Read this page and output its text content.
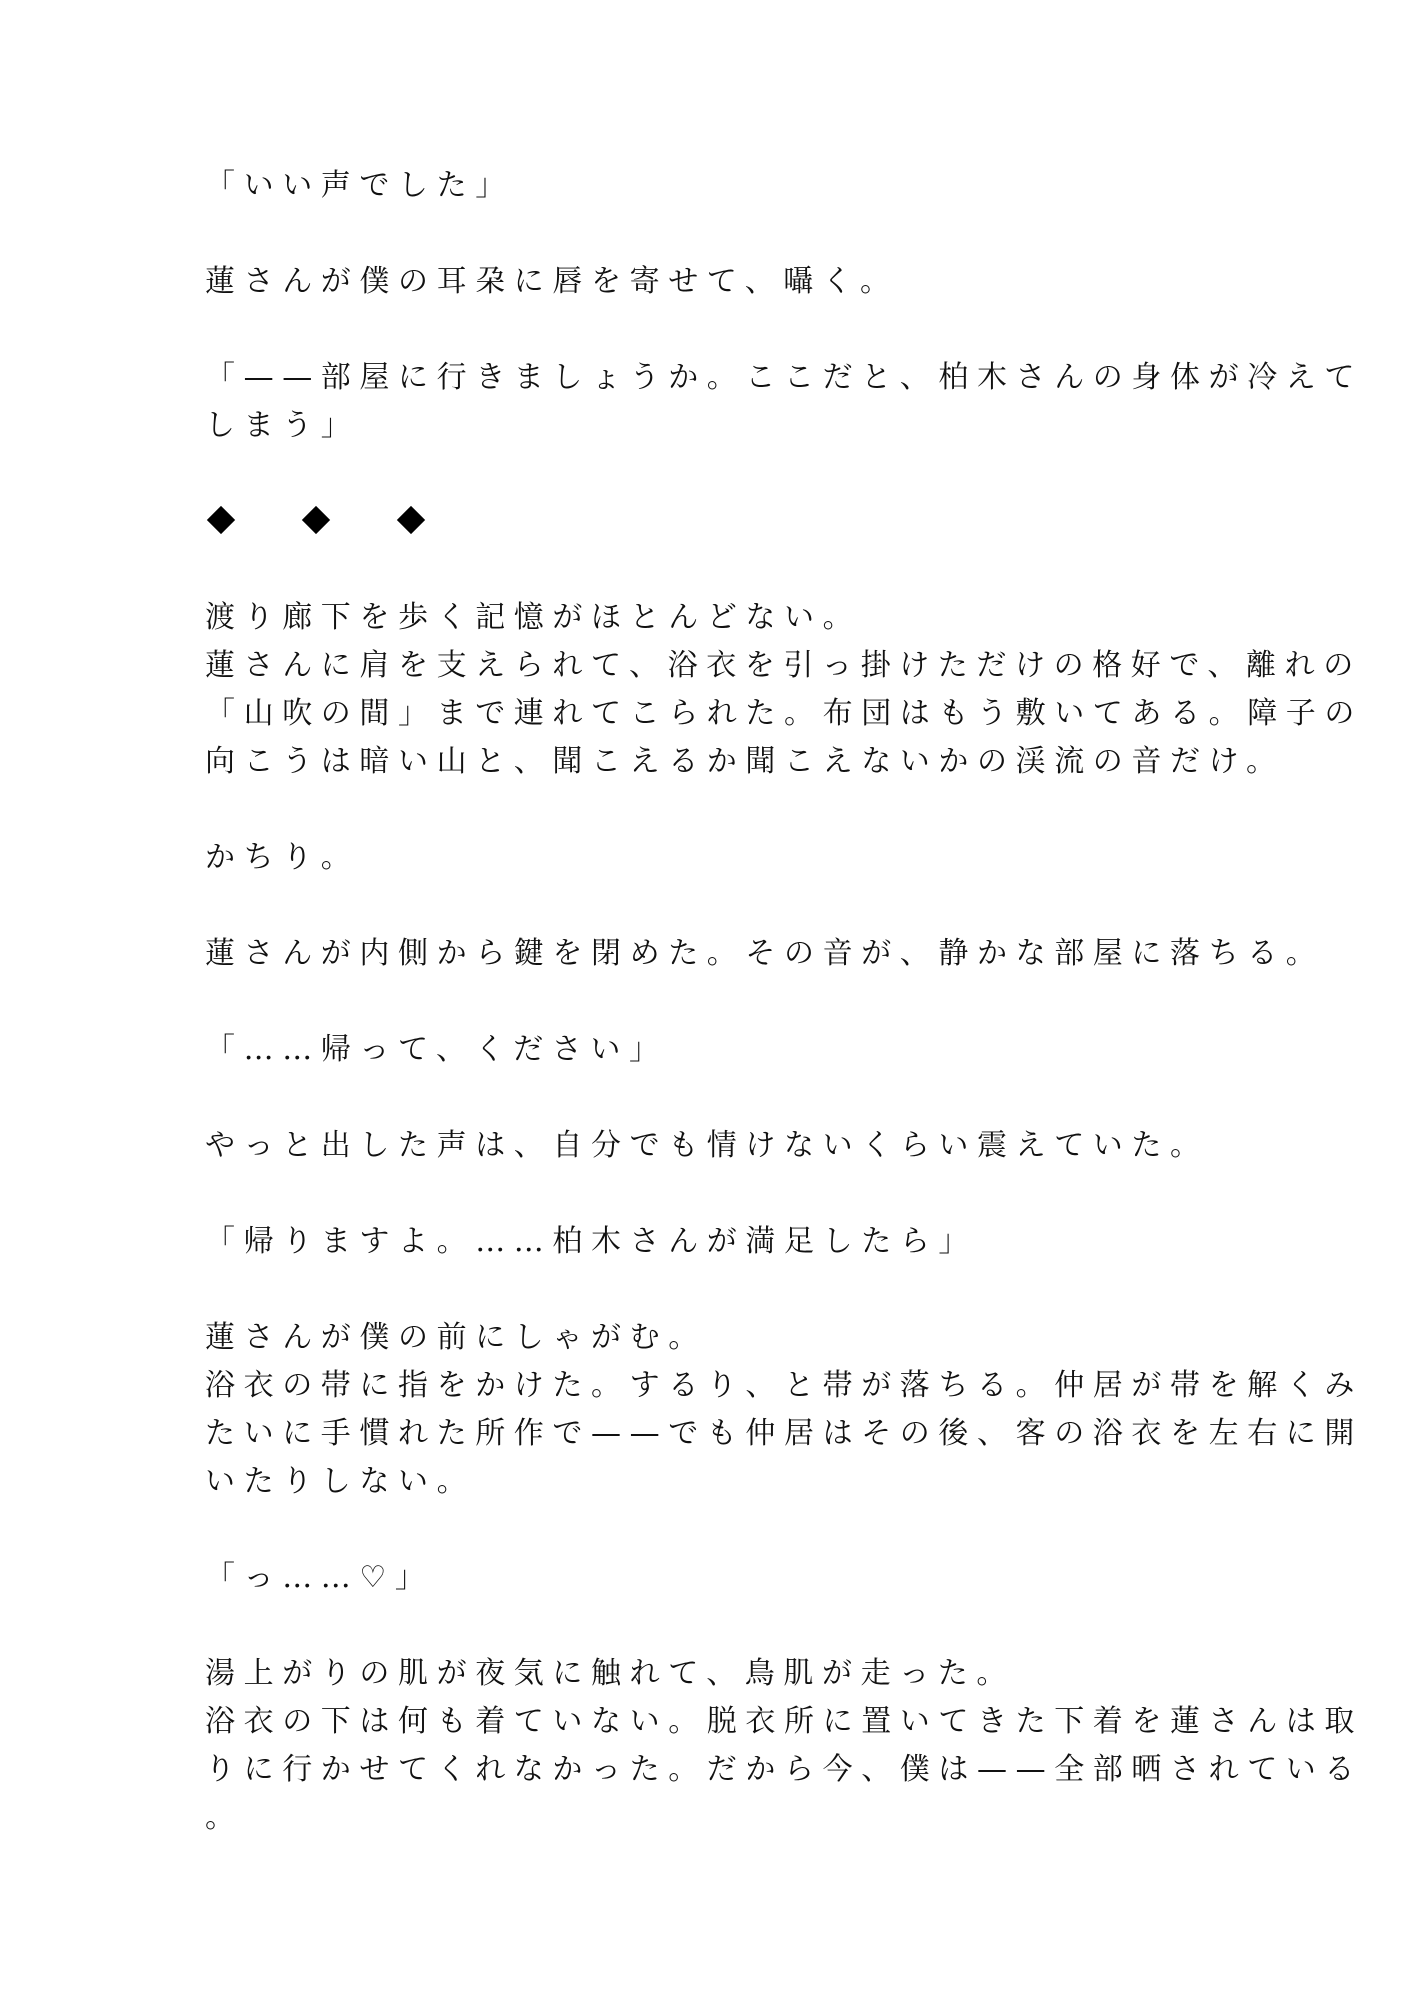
「いい声でした」

蓮さんが僕の耳朶に唇を寄せて、囁く。

「——部屋に行きましょうか。ここだと、柏木さんの身体が冷えて
しまう」

渡り廊下を歩く記憶がほとんどない。
蓮さんに肩を支えられて、浴衣を引っ掛けただけの格好で、離れの
「山吹の間」まで連れてこられた。布団はもう敷いてある。障子の
向こうは暗い山と、聞こえるか聞こえないかの渓流の音だけ。

かちり。

蓮さんが内側から鍵を閉めた。その音が、静かな部屋に落ちる。

「……帰って、ください」

やっと出した声は、自分でも情けないくらい震えていた。

「帰りますよ。……柏木さんが満足したら」

蓮さんが僕の前にしゃがむ。
浴衣の帯に指をかけた。するり、と帯が落ちる。仲居が帯を解くみ
たいに手慣れた所作で——でも仲居はその後、客の浴衣を左右に開
いたりしない。

「っ……♡」

湯上がりの肌が夜気に触れて、鳥肌が走った。
浴衣の下は何も着ていない。脱衣所に置いてきた下着を蓮さんは取
りに行かせてくれなかった。だから今、僕は——全部晒されている
。
